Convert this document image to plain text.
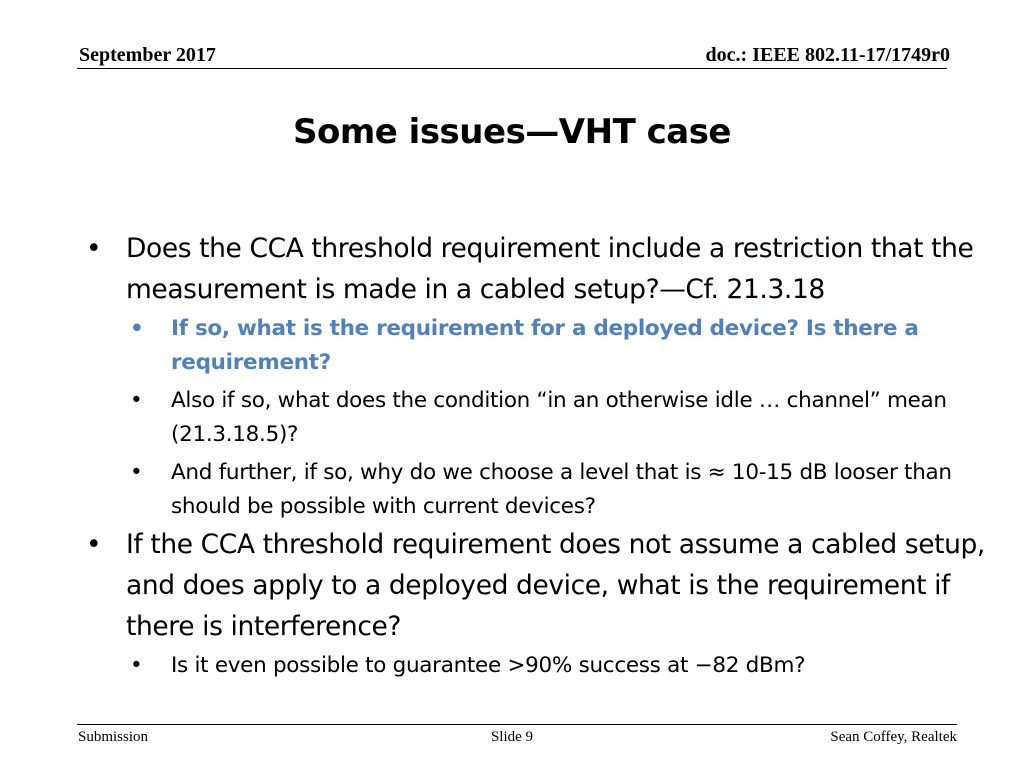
September 2017	doc.: IEEE 802.11-17/1749r0
Some issues—VHT case
• Does the CCA threshold requirement include a restriction that the measurement is made in a cabled setup?—Cf. 21.3.18
• If so, what is the requirement for a deployed device? Is there a requirement?
• Also if so, what does the condition “in an otherwise idle … channel” mean (21.3.18.5)?
• And further, if so, why do we choose a level that is ≈ 10-15 dB looser than should be possible with current devices?
• If the CCA threshold requirement does not assume a cabled setup, and does apply to a deployed device, what is the requirement if there is interference?
• Is it even possible to guarantee >90% success at −82 dBm?
Submission	Slide 9	Sean Coffey, Realtek
